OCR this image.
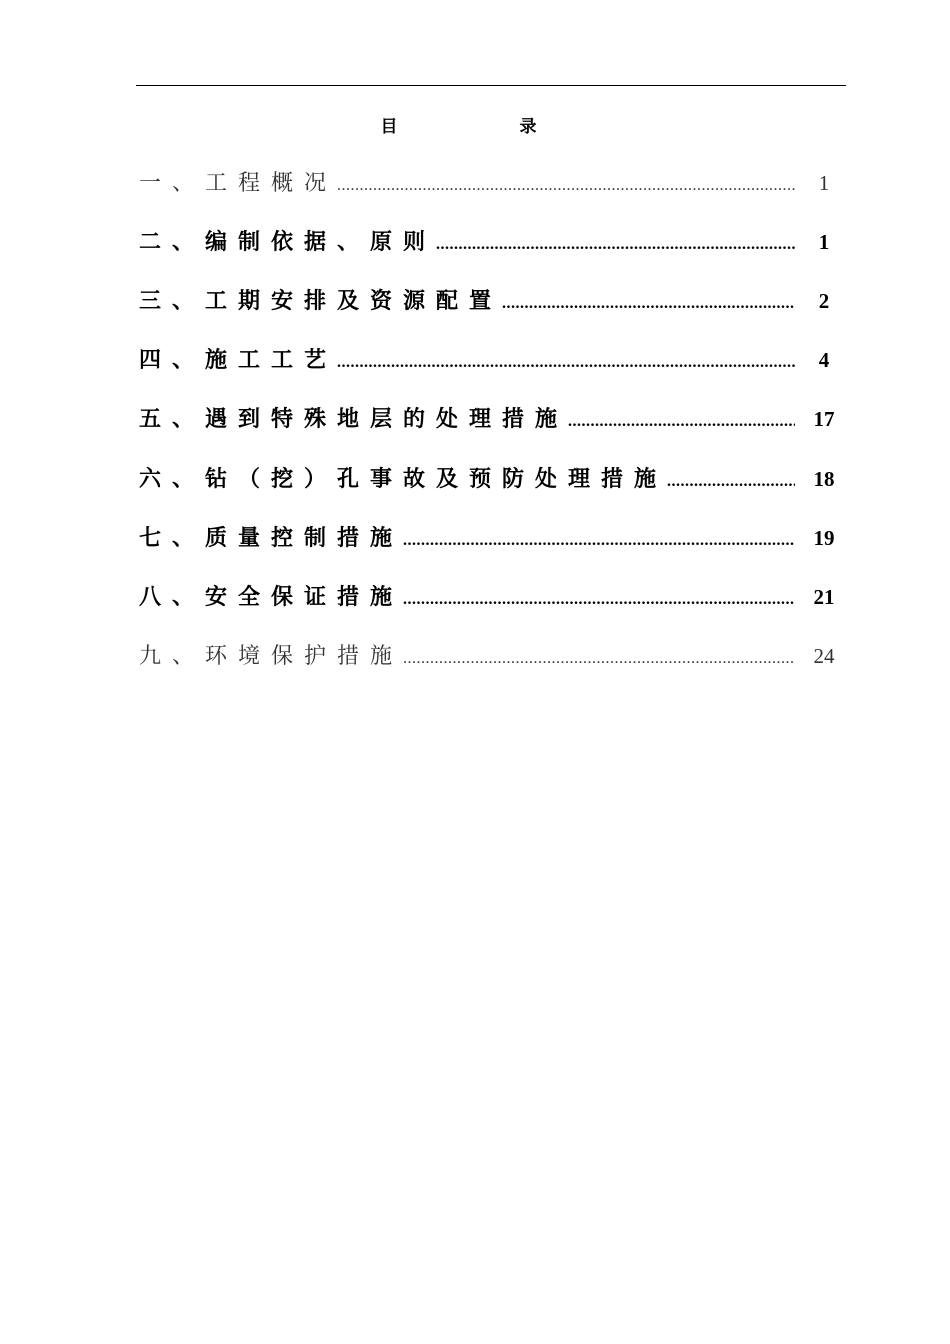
目 录
一、 工程概况 .....	1
二、 编制依据、原则 .....	1
三、 工期安排及资源配置 .....	2
四、 施工工艺 .....	4
五、 遇到特殊地层的处理措施 .....	17
六、 钻（挖）孔事故及预防处理措施 .....	18
七、 质量控制措施 .....	19
八、 安全保证措施 .....	21
九、 环境保护措施 .....	24
